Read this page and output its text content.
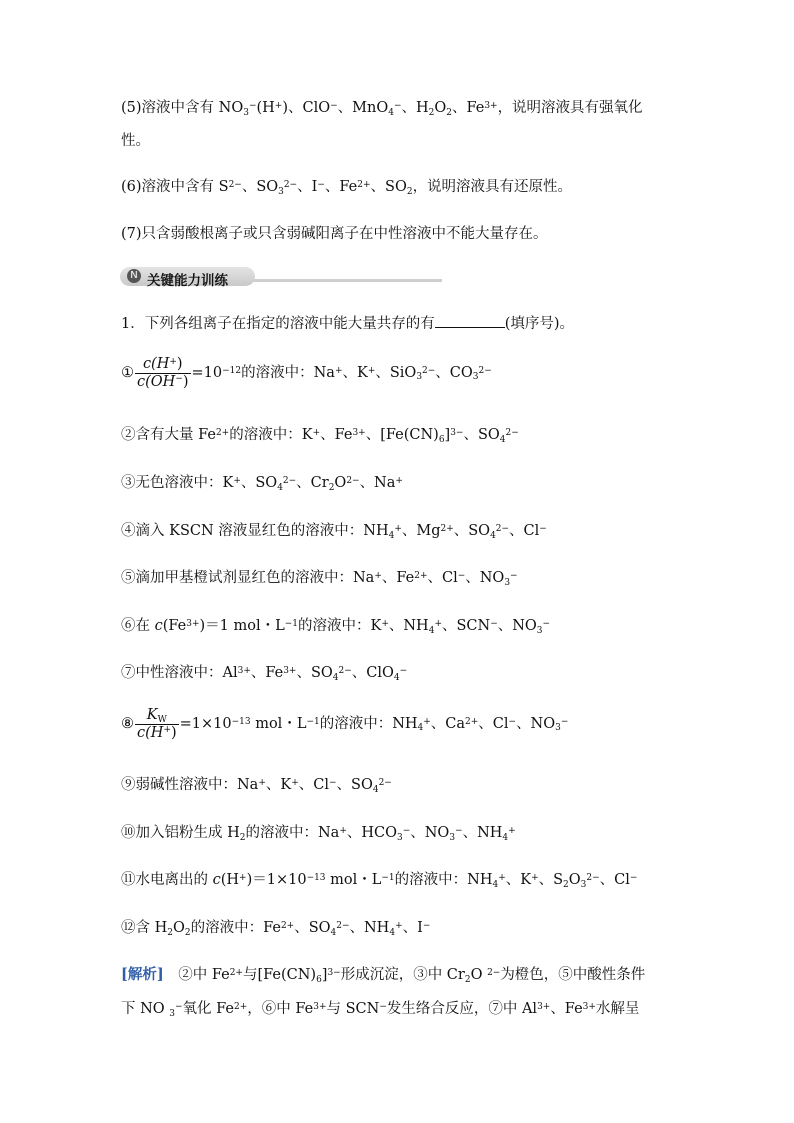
(5)溶液中含有 NO3−(H+)、ClO−、MnO4−、H2O2、$Fe^{3+}$，说明溶液具有强氧化
性。
(6)溶液中含有 $S^{2-}$、$SO3^{2-}$、I−、$Fe^{2+}$、SO2，说明溶液具有还原性。
(7)只含弱酸根离子或只含弱碱阳离子在中性溶液中不能大量存在。
N 关键能力训练
1．下列各组离子在指定的溶液中能大量共存的有	(填序号)。
① $\frac{c(H^+)}{c(OH^-)} =10^{-12}$的溶液中：Na+、K+、$SiO3^{2-}$、$CO3^{2-}$
②含有大量 $Fe^{2+}$的溶液中：K+、$Fe^{3+}$、$[Fe(CN)6]^{3-}$、$SO4^{2-}$
③无色溶液中：K+、$SO4^{2-}$、$Cr2O^{2-}$、Na+
④滴入 KSCN 溶液显红色的溶液中：NH4+、$Mg^{2+}$、$SO4^{2-}$、Cl−
⑤滴加甲基橙试剂显红色的溶液中：Na+、$Fe^{2+}$、Cl−、NO3−
⑥在 $c(Fe^{3+})=1$ mol・$L^{-1}$的溶液中：K+、NH4+、SCN−、NO3−
⑦中性溶液中：$Al^{3+}$、$Fe^{3+}$、$SO4^{2-}$、ClO4−
⑧ $\frac{KW}{c(H^+)} =1\times 10^{-13}$ mol・$L^{-1}$的溶液中：NH4+、$Ca^{2+}$、Cl−、NO3−
⑨弱碱性溶液中：Na+、K+、Cl−、$SO4^{2-}$
⑩加入铝粉生成 H2的溶液中：Na+、HCO3−、NO3−、NH4+
⑪水电离出的 $c(H^+)=1\times 10^{-13}$ mol・$L^{-1}$的溶液中：NH4+、K+、$S2O3^{2-}$、Cl−
⑫含 H2O2的溶液中：$Fe^{2+}$、$SO4^{2-}$、NH4+、I−
[解析]　②中 $Fe^{2+}$与$[Fe(CN)6]^{3-}$形成沉淀，③中 Cr2O $^{2-}$为橙色，⑤中酸性条件
下 NO 3−氧化 $Fe^{2+}$，⑥中 $Fe^{3+}$与 SCN−发生络合反应，⑦中 $Al^{3+}$、$Fe^{3+}$水解呈
